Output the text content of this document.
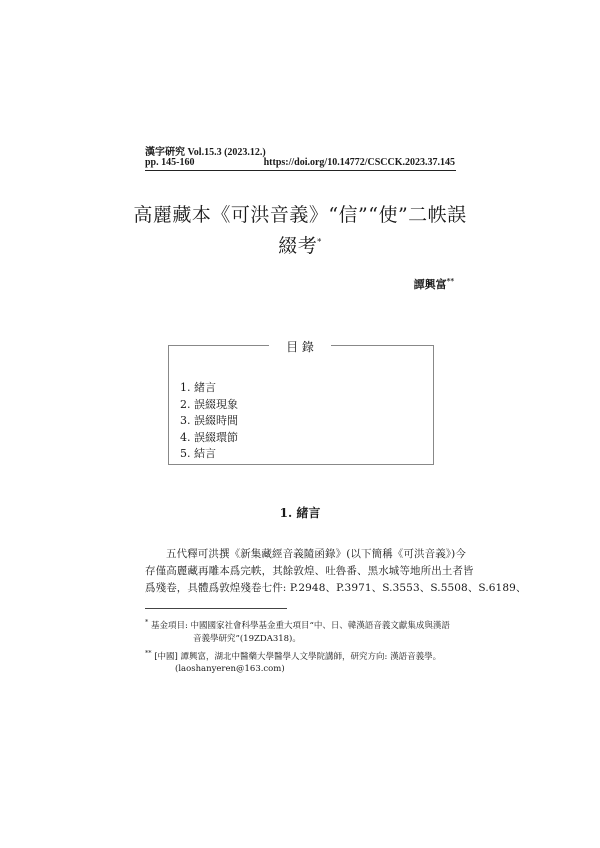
漢字硏究 Vol.15.3 (2023.12.)
pp. 145-160	https://doi.org/10.14772/CSCCK.2023.37.145
高麗藏本《可洪音義》“信”“使”二帙誤
綴考*
譚興富**
目 錄
1. 緒言
2. 誤綴現象
3. 誤綴時間
4. 誤綴環節
5. 結言
1. 緒言
五代釋可洪撰《新集藏經音義隨函錄》(以下簡稱《可洪音義》)今
存僅高麗藏再雕本爲完帙，其餘敦煌、吐魯番、黑水城等地所出土者皆
爲殘卷，具體爲敦煌殘卷七件: P.2948、P.3971、S.3553、S.5508、S.6189、
* 基金項目: 中國國家社會科學基金重大項目“中、日、韓漢語音義文獻集成與漢語
音義學研究”(19ZDA318)。
** [中國] 譚興富，湖北中醫藥大學醫學人文學院講師，研究方向: 漢語音義學。
(laoshanyeren@163.com)
